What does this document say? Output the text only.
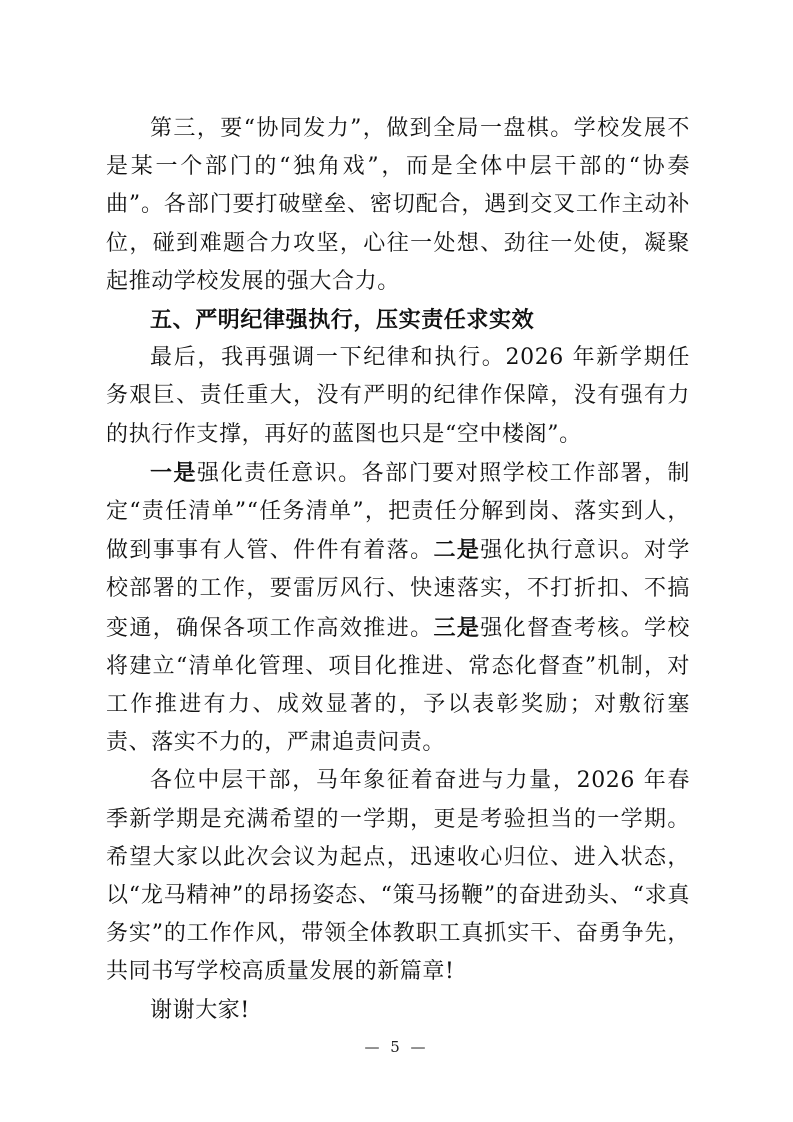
第三，要“协同发力”，做到全局一盘棋。学校发展不是某一个部门的“独角戏”，而是全体中层干部的“协奏曲”。各部门要打破壁垒、密切配合，遇到交叉工作主动补位，碰到难题合力攻坚，心往一处想、劲往一处使，凝聚起推动学校发展的强大合力。

五、严明纪律强执行，压实责任求实效

最后，我再强调一下纪律和执行。2026 年新学期任务艰巨、责任重大，没有严明的纪律作保障，没有强有力的执行作支撑，再好的蓝图也只是“空中楼阁”。

一是强化责任意识。各部门要对照学校工作部署，制定“责任清单”“任务清单”，把责任分解到岗、落实到人，做到事事有人管、件件有着落。二是强化执行意识。对学校部署的工作，要雷厉风行、快速落实，不打折扣、不搞变通，确保各项工作高效推进。三是强化督查考核。学校将建立“清单化管理、项目化推进、常态化督查”机制，对工作推进有力、成效显著的，予以表彰奖励；对敷衍塞责、落实不力的，严肃追责问责。

各位中层干部，马年象征着奋进与力量，2026 年春季新学期是充满希望的一学期，更是考验担当的一学期。希望大家以此次会议为起点，迅速收心归位、进入状态，以“龙马精神”的昂扬姿态、“策马扬鞭”的奋进劲头、“求真务实”的工作作风，带领全体教职工真抓实干、奋勇争先，共同书写学校高质量发展的新篇章!

谢谢大家!

— 5 —
